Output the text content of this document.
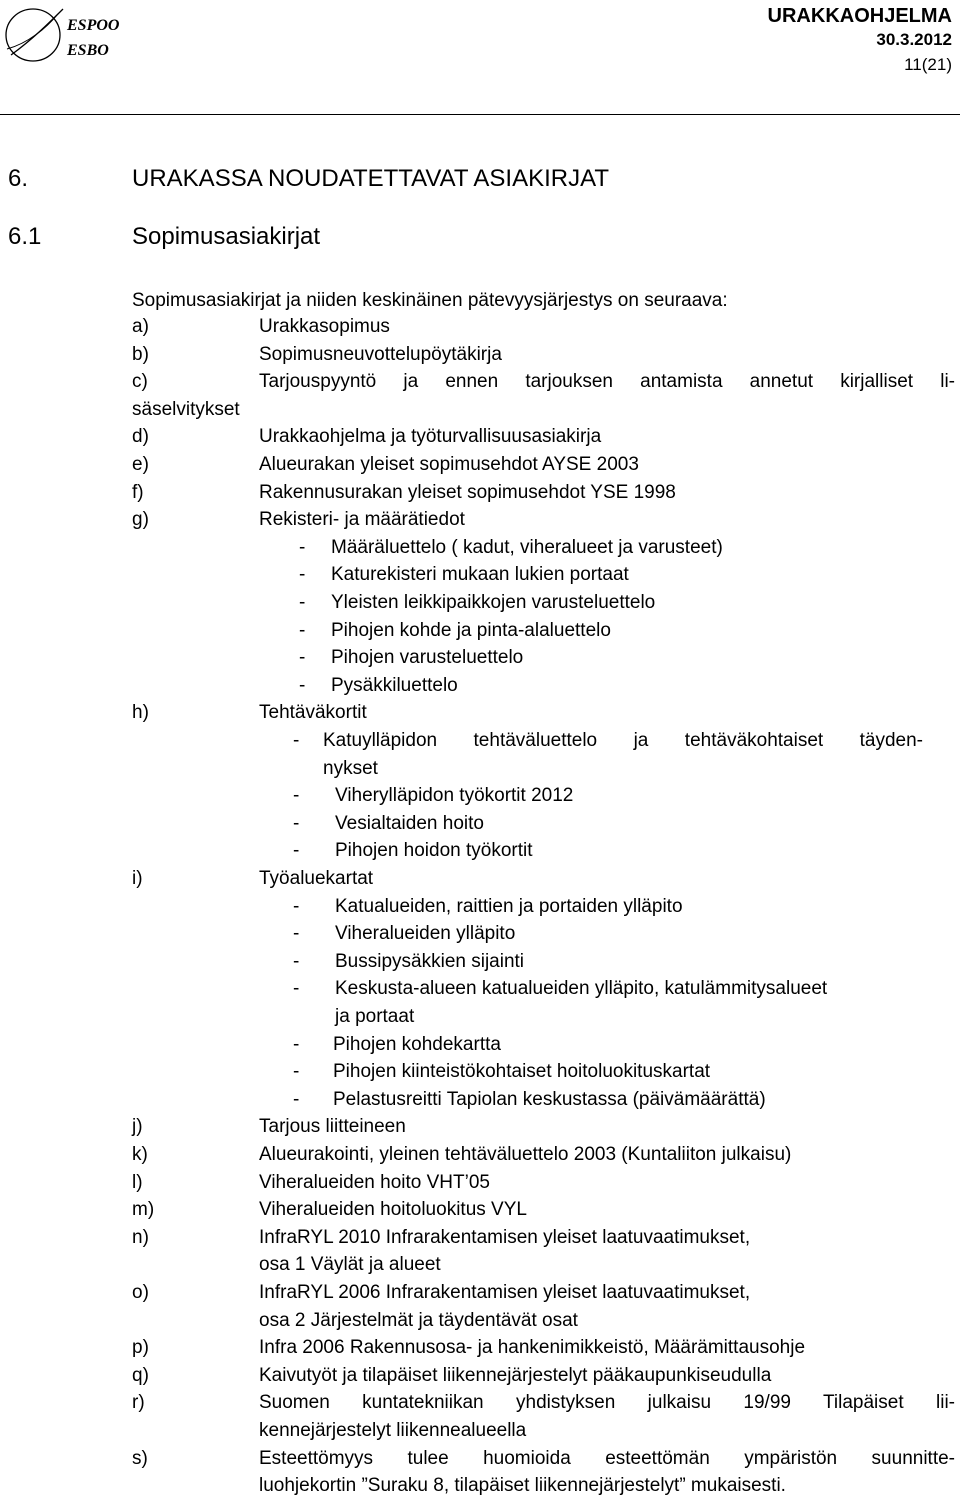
ESPOO
ESBO
URAKKAOHJELMA
30.3.2012
11(21)
6.	URAKASSA NOUDATETTAVAT ASIAKIRJAT
6.1	Sopimusasiakirjat
Sopimusasiakirjat ja niiden keskinäinen pätevyysjärjestys on seuraava:
a)	Urakkasopimus
b)	Sopimusneuvottelupöytäkirja
c)	Tarjouspyyntö ja ennen tarjouksen antamista annetut kirjalliset li-
säselvitykset
d)	Urakkaohjelma ja työturvallisuusasiakirja
e)	Alueurakan yleiset sopimusehdot AYSE 2003
f)	Rakennusurakan yleiset sopimusehdot YSE 1998
g)	Rekisteri- ja määrätiedot
- Määräluettelo ( kadut, viheralueet ja varusteet)
- Katurekisteri mukaan lukien portaat
- Yleisten leikkipaikkojen varusteluettelo
- Pihojen kohde ja pinta-alaluettelo
- Pihojen varusteluettelo
- Pysäkkiluettelo
h)	Tehtäväkortit
- Katuylläpidon tehtäväluettelo ja tehtäväkohtaiset täyden-
nykset
- Viherylläpidon työkortit 2012
- Vesialtaiden hoito
- Pihojen hoidon työkortit
i)	Työaluekartat
- Katualueiden, raittien ja portaiden ylläpito
- Viheralueiden ylläpito
- Bussipysäkkien sijainti
- Keskusta-alueen katualueiden ylläpito, katulämmitysalueet
ja portaat
- Pihojen kohdekartta
- Pihojen kiinteistökohtaiset hoitoluokituskartat
- Pelastusreitti Tapiolan keskustassa (päivämäärättä)
j)	Tarjous liitteineen
k)	Alueurakointi, yleinen tehtäväluettelo 2003 (Kuntaliiton julkaisu)
l)	Viheralueiden hoito VHT’05
m)	Viheralueiden hoitoluokitus VYL
n)	InfraRYL 2010 Infrarakentamisen yleiset laatuvaatimukset,
osa 1 Väylät ja alueet
o)	InfraRYL 2006 Infrarakentamisen yleiset laatuvaatimukset,
osa 2 Järjestelmät ja täydentävät osat
p)	Infra 2006 Rakennusosa- ja hankenimikkeistö, Määrämittausohje
q)	Kaivutyöt ja tilapäiset liikennejärjestelyt pääkaupunkiseudulla
r)	Suomen kuntatekniikan yhdistyksen julkaisu 19/99 Tilapäiset lii-
kennejärjestelyt liikennealueella
s)	Esteettömyys tulee huomioida esteettömän ympäristön suunnitte-
luohjekortin ”Suraku 8, tilapäiset liikennejärjestelyt” mukaisesti.
